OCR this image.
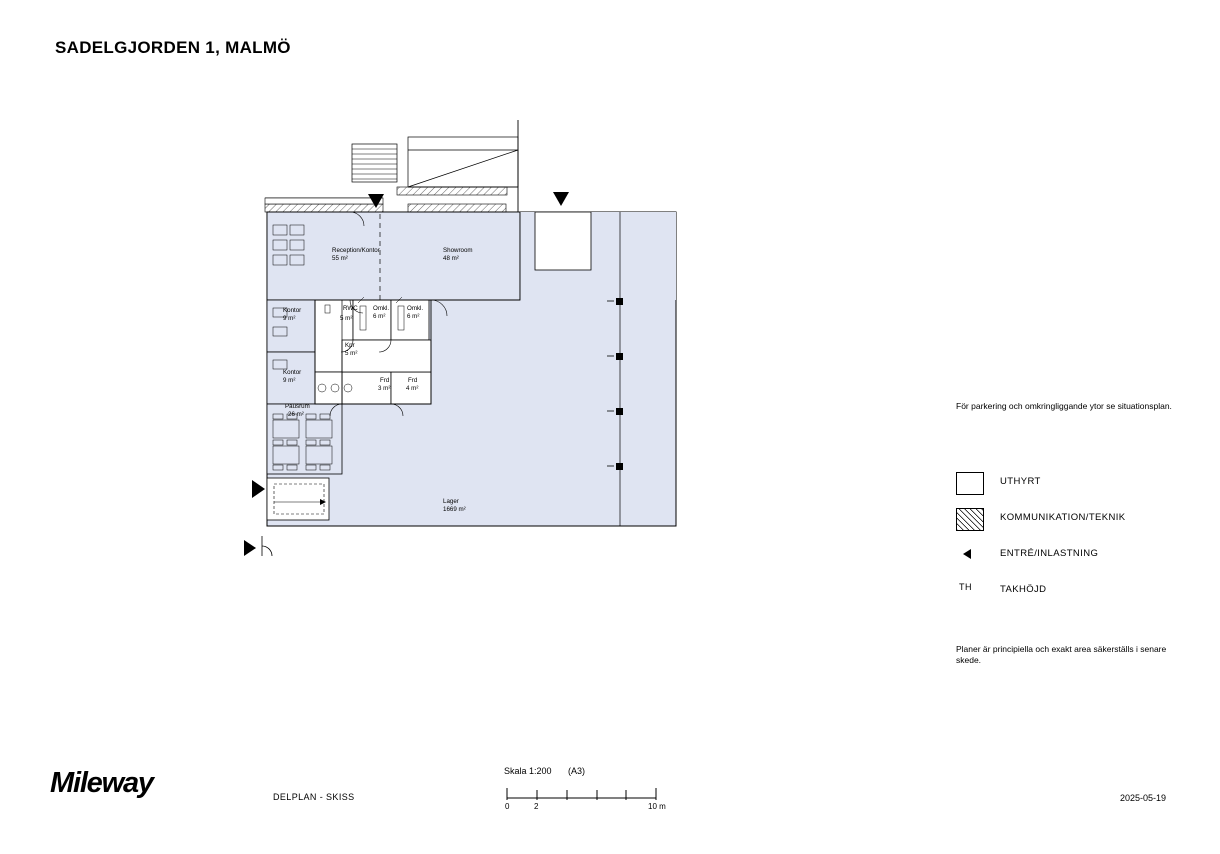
SADELGJORDEN 1, MALMÖ
Reception/Kontor
55 m²
Showroom
48 m²
Kontor
9 m²
Kontor
9 m²
RWC
5 m²
Kpr
5 m²
Omkl.
6 m²
Omkl.
6 m²
Frd
3 m²
Frd
4 m²
Pausrum
26 m²
Lager
1669 m²
För parkering och omkringliggande ytor se situationsplan.
UTHYRT
KOMMUNIKATION/TEKNIK
ENTRÉ/INLASTNING
TH	TAKHÖJD
Planer är principiella och exakt area säkerställs i senare skede.
Mileway	DELPLAN - SKISS	2025-05-19
Skala 1:200 (A3)
0	2	10 m
